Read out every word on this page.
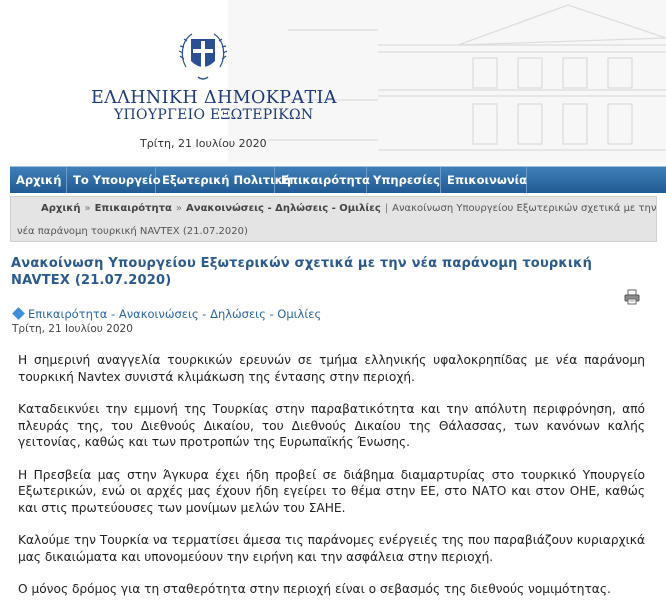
ΕΛΛΗΝΙΚΗ ΔΗΜΟΚΡΑΤΙΑ
ΥΠΟΥΡΓΕΙΟ ΕΞΩΤΕΡΙΚΩΝ
Τρίτη, 21 Ιουλίου 2020
Αρχική	Το Υπουργείο Εξωτερική Πολιτική
Επικαιρότητα Υπηρεσίες Επικοινωνία
Αρχική » Επικαιρότητα » Ανακοινώσεις - Δηλώσεις - Ομιλίες | Ανακοίνωση Υπουργείου Εξωτερικών σχετικά με την
νέα παράνομη τουρκική NAVTEX (21.07.2020)
Ανακοίνωση Υπουργείου Εξωτερικών σχετικά με την νέα παράνομη τουρκική NAVTEX (21.07.2020)
Επικαιρότητα - Ανακοινώσεις - Δηλώσεις - Ομιλίες
Τρίτη, 21 Ιουλίου 2020

Η σημερινή αναγγελία τουρκικών ερευνών σε τμήμα ελληνικής υφαλοκρηπίδας με νέα παράνομη τουρκική Navtex συνιστά κλιμάκωση της έντασης στην περιοχή.

Καταδεικνύει την εμμονή της Τουρκίας στην παραβατικότητα και την απόλυτη περιφρόνηση, από πλευράς της, του Διεθνούς Δικαίου, του Διεθνούς Δικαίου της Θάλασσας, των κανόνων καλής γειτονίας, καθώς και των προτροπών της Ευρωπαϊκής Ένωσης.

Η Πρεσβεία μας στην Άγκυρα έχει ήδη προβεί σε διάβημα διαμαρτυρίας στο τουρκικό Υπουργείο Εξωτερικών, ενώ οι αρχές μας έχουν ήδη εγείρει το θέμα στην ΕΕ, στο ΝΑΤΟ και στον ΟΗΕ, καθώς και στις πρωτεύουσες των μονίμων μελών του ΣΑΗΕ.

Καλούμε την Τουρκία να τερματίσει άμεσα τις παράνομες ενέργειές της που παραβιάζουν κυριαρχικά μας δικαιώματα και υπονομεύουν την ειρήνη και την ασφάλεια στην περιοχή.

Ο μόνος δρόμος για τη σταθερότητα στην περιοχή είναι ο σεβασμός της διεθνούς νομιμότητας.
